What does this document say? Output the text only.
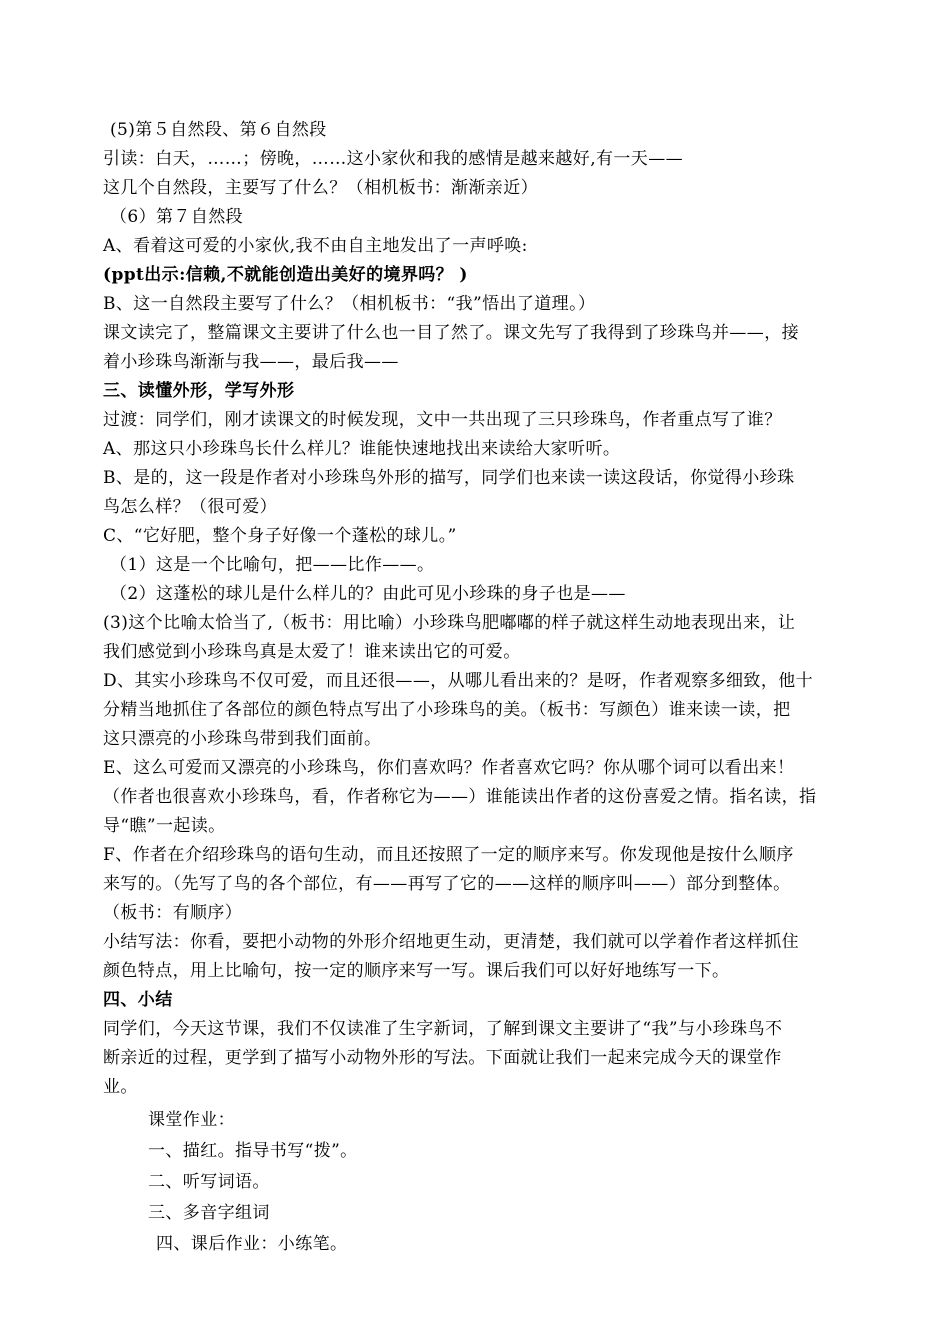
(5)第５自然段、第６自然段
引读：白天，……；傍晚，……这小家伙和我的感情是越来越好,有一天——
这几个自然段，主要写了什么？（相机板书：渐渐亲近）
（6）第７自然段
A、看着这可爱的小家伙,我不由自主地发出了一声呼唤:
(ppt出示:信赖,不就能创造出美好的境界吗？ )
B、这一自然段主要写了什么？（相机板书：“我”悟出了道理。）
课文读完了，整篇课文主要讲了什么也一目了然了。课文先写了我得到了珍珠鸟并——，接
着小珍珠鸟渐渐与我——，最后我——
三、读懂外形，学写外形
过渡：同学们，刚才读课文的时候发现，文中一共出现了三只珍珠鸟，作者重点写了谁？
A、那这只小珍珠鸟长什么样儿？谁能快速地找出来读给大家听听。
B、是的，这一段是作者对小珍珠鸟外形的描写，同学们也来读一读这段话，你觉得小珍珠
鸟怎么样？（很可爱）
C、“它好肥，整个身子好像一个蓬松的球儿。”
（1）这是一个比喻句，把——比作——。
（2）这蓬松的球儿是什么样儿的？由此可见小珍珠的身子也是——
(3)这个比喻太恰当了,（板书：用比喻）小珍珠鸟肥嘟嘟的样子就这样生动地表现出来，让
我们感觉到小珍珠鸟真是太爱了！谁来读出它的可爱。
D、其实小珍珠鸟不仅可爱，而且还很——，从哪儿看出来的？是呀，作者观察多细致，他十
分精当地抓住了各部位的颜色特点写出了小珍珠鸟的美。（板书：写颜色）谁来读一读，把
这只漂亮的小珍珠鸟带到我们面前。
E、这么可爱而又漂亮的小珍珠鸟，你们喜欢吗？作者喜欢它吗？你从哪个词可以看出来！
（作者也很喜欢小珍珠鸟，看，作者称它为——）谁能读出作者的这份喜爱之情。指名读，指
导“瞧”一起读。
F、作者在介绍珍珠鸟的语句生动，而且还按照了一定的顺序来写。你发现他是按什么顺序
来写的。（先写了鸟的各个部位，有——再写了它的——这样的顺序叫——）部分到整体。
（板书：有顺序）
小结写法：你看，要把小动物的外形介绍地更生动，更清楚，我们就可以学着作者这样抓住
颜色特点，用上比喻句，按一定的顺序来写一写。课后我们可以好好地练写一下。
四、小结
同学们，今天这节课，我们不仅读准了生字新词，了解到课文主要讲了“我”与小珍珠鸟不
断亲近的过程，更学到了描写小动物外形的写法。下面就让我们一起来完成今天的课堂作
业。
课堂作业：
一、描红。指导书写“拨”。
二、听写词语。
三、多音字组词
四、课后作业：小练笔。
